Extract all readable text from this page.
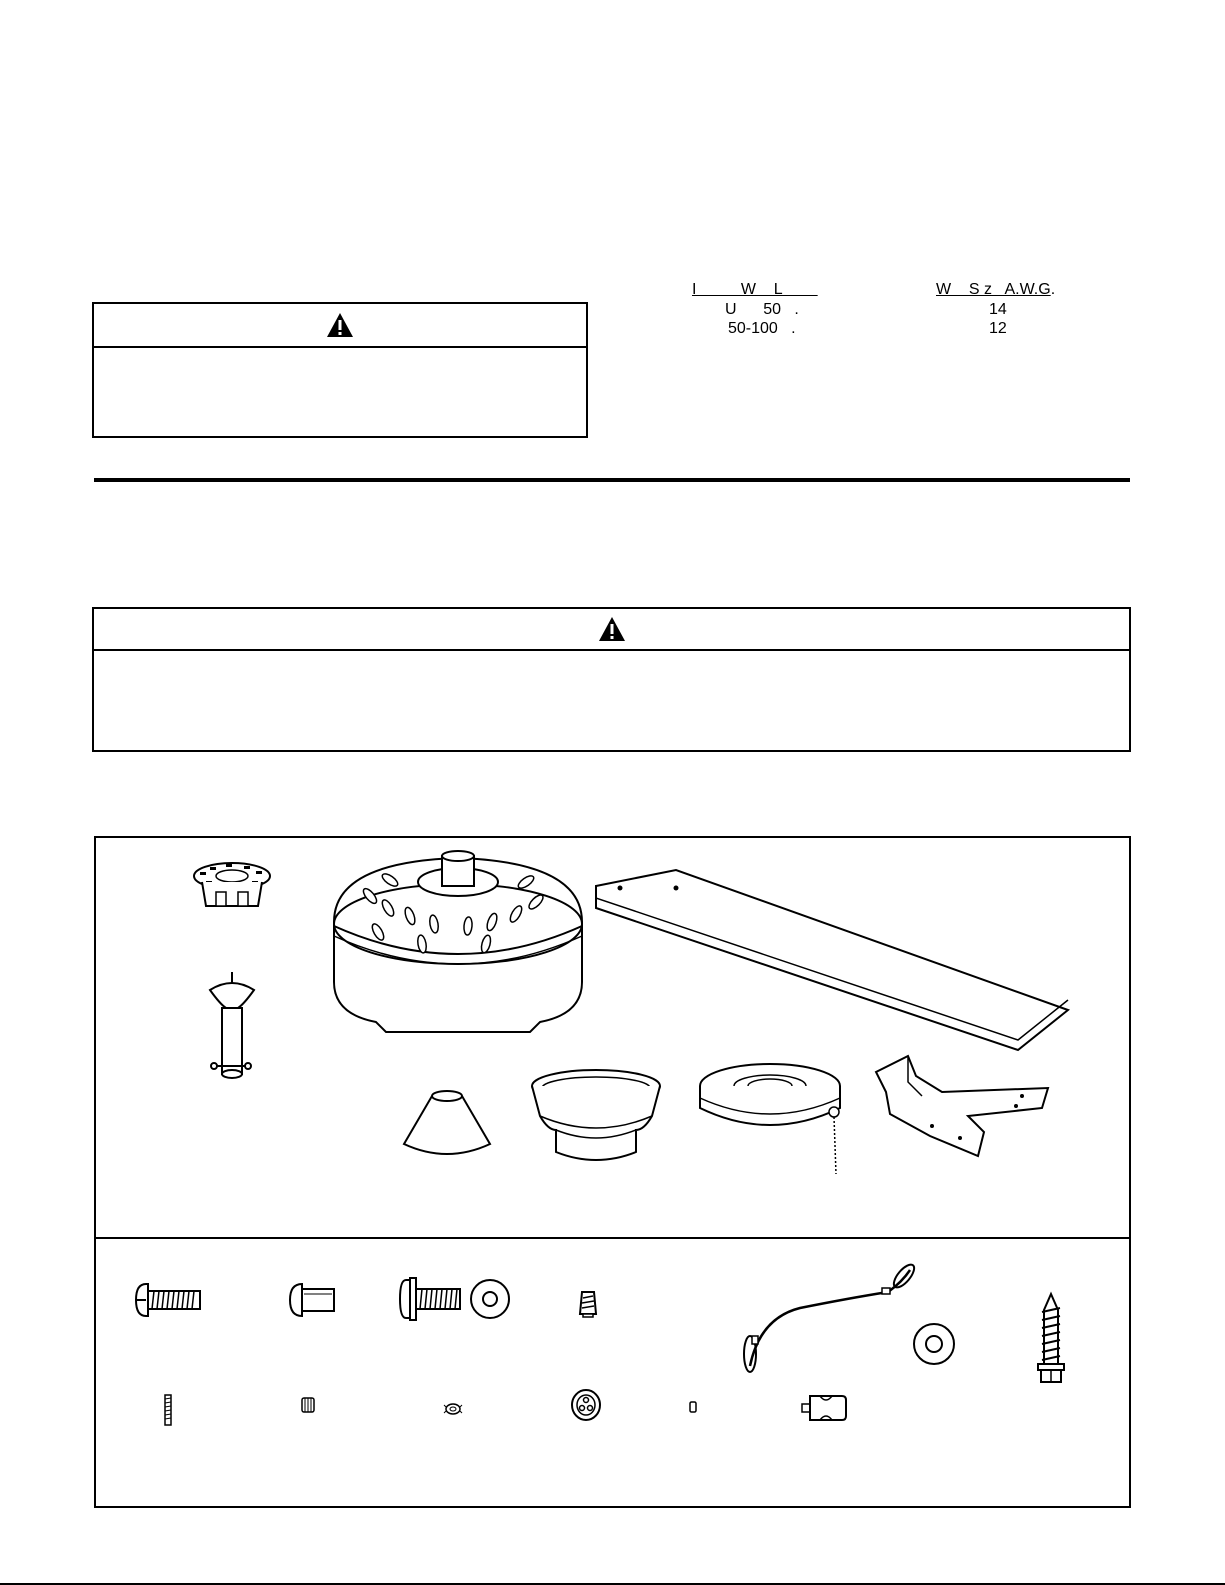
I          W    L	W    S z   A.W.G.
U      50   .	14
50-100   .	12
